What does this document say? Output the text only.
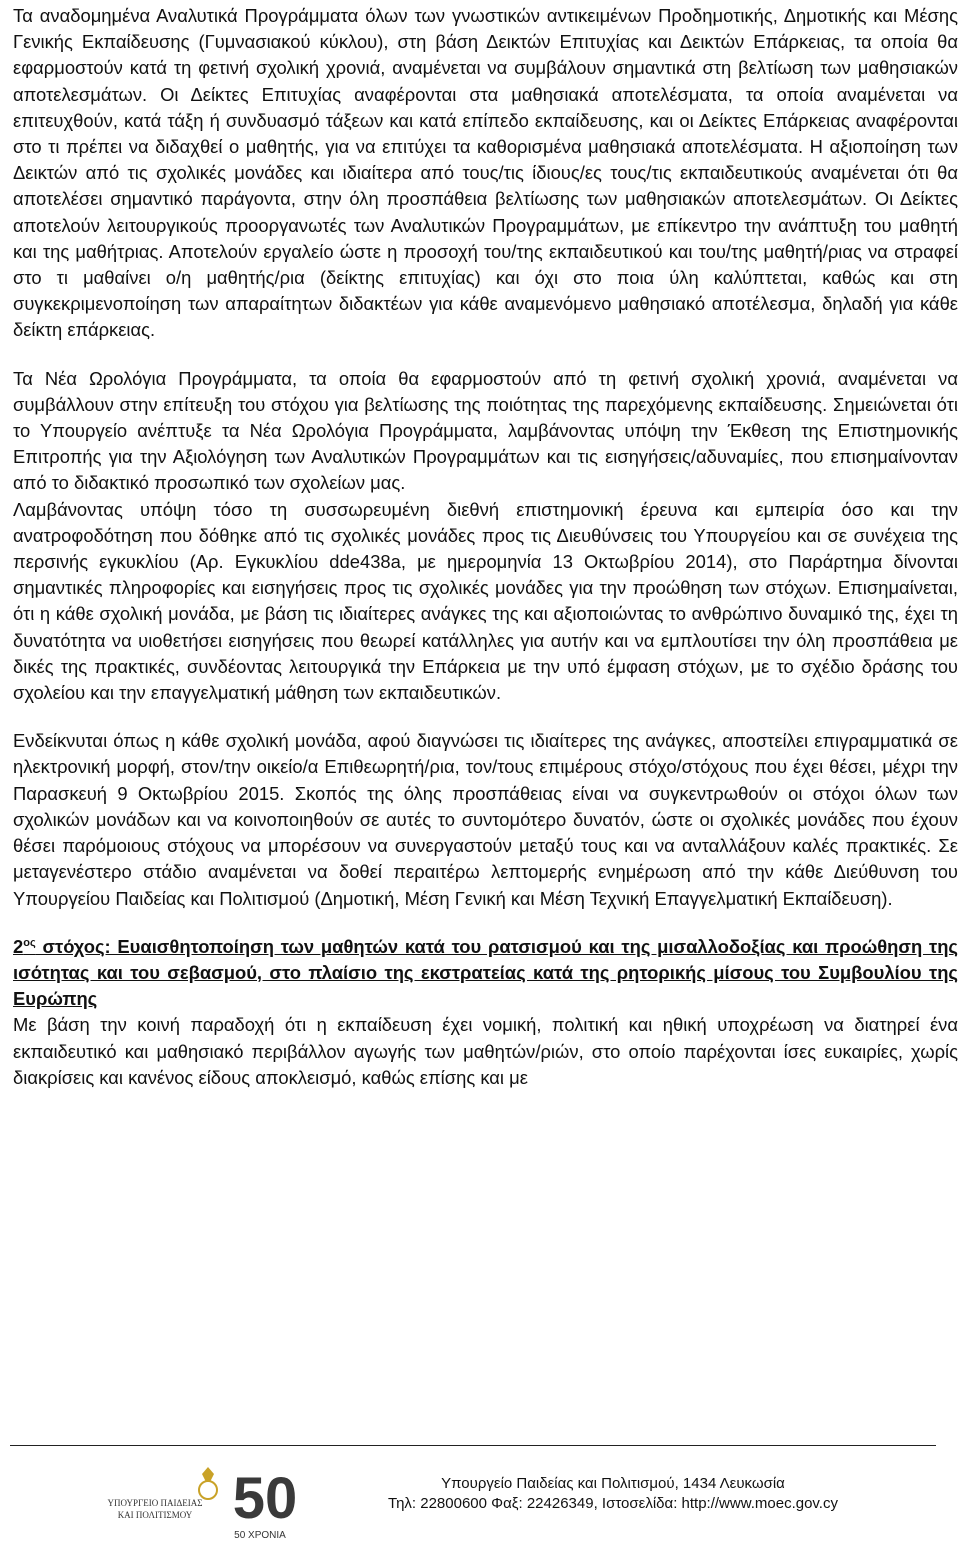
Τα αναδομημένα Αναλυτικά Προγράμματα όλων των γνωστικών αντικειμένων Προδημοτικής, Δημοτικής και Μέσης Γενικής Εκπαίδευσης (Γυμνασιακού κύκλου), στη βάση Δεικτών Επιτυχίας και Δεικτών Επάρκειας, τα οποία θα εφαρμοστούν κατά τη φετινή σχολική χρονιά, αναμένεται να συμβάλουν σημαντικά στη βελτίωση των μαθησιακών αποτελεσμάτων. Οι Δείκτες Επιτυχίας αναφέρονται στα μαθησιακά αποτελέσματα, τα οποία αναμένεται να επιτευχθούν, κατά τάξη ή συνδυασμό τάξεων και κατά επίπεδο εκπαίδευσης, και οι Δείκτες Επάρκειας αναφέρονται στο τι πρέπει να διδαχθεί ο μαθητής, για να επιτύχει τα καθορισμένα μαθησιακά αποτελέσματα. Η αξιοποίηση των Δεικτών από τις σχολικές μονάδες και ιδιαίτερα από τους/τις ίδιους/ες τους/τις εκπαιδευτικούς αναμένεται ότι θα αποτελέσει σημαντικό παράγοντα, στην όλη προσπάθεια βελτίωσης των μαθησιακών αποτελεσμάτων. Οι Δείκτες αποτελούν λειτουργικούς προοργανωτές των Αναλυτικών Προγραμμάτων, με επίκεντρο την ανάπτυξη του μαθητή και της μαθήτριας. Αποτελούν εργαλείο ώστε η προσοχή του/της εκπαιδευτικού και του/της μαθητή/ριας να στραφεί στο τι μαθαίνει ο/η μαθητής/ρια (δείκτης επιτυχίας) και όχι στο ποια ύλη καλύπτεται, καθώς και στη συγκεκριμενοποίηση των απαραίτητων διδακτέων για κάθε αναμενόμενο μαθησιακό αποτέλεσμα, δηλαδή για κάθε δείκτη επάρκειας.

Τα Νέα Ωρολόγια Προγράμματα, τα οποία θα εφαρμοστούν από τη φετινή σχολική χρονιά, αναμένεται να συμβάλλουν στην επίτευξη του στόχου για βελτίωσης της ποιότητας της παρεχόμενης εκπαίδευσης. Σημειώνεται ότι το Υπουργείο ανέπτυξε τα Νέα Ωρολόγια Προγράμματα, λαμβάνοντας υπόψη την Έκθεση της Επιστημονικής Επιτροπής για την Αξιολόγηση των Αναλυτικών Προγραμμάτων και τις εισηγήσεις/αδυναμίες, που επισημαίνονταν από το διδακτικό προσωπικό των σχολείων μας.

Λαμβάνοντας υπόψη τόσο τη συσσωρευμένη διεθνή επιστημονική έρευνα και εμπειρία όσο και την ανατροφοδότηση που δόθηκε από τις σχολικές μονάδες προς τις Διευθύνσεις του Υπουργείου και σε συνέχεια της περσινής εγκυκλίου (Αρ. Εγκυκλίου dde438a, με ημερομηνία 13 Οκτωβρίου 2014), στο Παράρτημα δίνονται σημαντικές πληροφορίες και εισηγήσεις προς τις σχολικές μονάδες για την προώθηση των στόχων. Επισημαίνεται, ότι η κάθε σχολική μονάδα, με βάση τις ιδιαίτερες ανάγκες της και αξιοποιώντας το ανθρώπινο δυναμικό της, έχει τη δυνατότητα να υιοθετήσει εισηγήσεις που θεωρεί κατάλληλες για αυτήν και να εμπλουτίσει την όλη προσπάθεια με δικές της πρακτικές, συνδέοντας λειτουργικά την Επάρκεια με την υπό έμφαση στόχων, με το σχέδιο δράσης του σχολείου και την επαγγελματική μάθηση των εκπαιδευτικών.

Ενδείκνυται όπως η κάθε σχολική μονάδα, αφού διαγνώσει τις ιδιαίτερες της ανάγκες, αποστείλει επιγραμματικά σε ηλεκτρονική μορφή, στον/την οικείο/α Επιθεωρητή/ρια, τον/τους επιμέρους στόχο/στόχους που έχει θέσει, μέχρι την Παρασκευή 9 Οκτωβρίου 2015. Σκοπός της όλης προσπάθειας είναι να συγκεντρωθούν οι στόχοι όλων των σχολικών μονάδων και να κοινοποιηθούν σε αυτές το συντομότερο δυνατόν, ώστε οι σχολικές μονάδες που έχουν θέσει παρόμοιους στόχους να μπορέσουν να συνεργαστούν μεταξύ τους και να ανταλλάξουν καλές πρακτικές. Σε μεταγενέστερο στάδιο αναμένεται να δοθεί περαιτέρω λεπτομερής ενημέρωση από την κάθε Διεύθυνση του Υπουργείου Παιδείας και Πολιτισμού (Δημοτική, Μέση Γενική και Μέση Τεχνική Επαγγελματική Εκπαίδευση).

$2^{o\varsigma}$ στόχος: Ευαισθητοποίηση των μαθητών κατά του ρατσισμού και της μισαλλοδοξίας και προώθηση της ισότητας και του σεβασμού, στο πλαίσιο της εκστρατείας κατά της ρητορικής μίσους του Συμβουλίου της Ευρώπης

Με βάση την κοινή παραδοχή ότι η εκπαίδευση έχει νομική, πολιτική και ηθική υποχρέωση να διατηρεί ένα εκπαιδευτικό και μαθησιακό περιβάλλον αγωγής των μαθητών/ριών, στο οποίο παρέχονται ίσες ευκαιρίες, χωρίς διακρίσεις και κανένος είδους αποκλεισμό, καθώς επίσης και με

ΥΠΟΥΡΓΕΙΟ ΠΑΙΔΕΙΑΣ
ΚΑΙ ΠΟΛΙΤΙΣΜΟΥ 50
50 ΧΡΟΝΙΑ
Υπουργείο Παιδείας και Πολιτισμού, 1434 Λευκωσία
Τηλ: 22800600 Φαξ: 22426349, Ιστοσελίδα: http://www.moec.gov.cy
